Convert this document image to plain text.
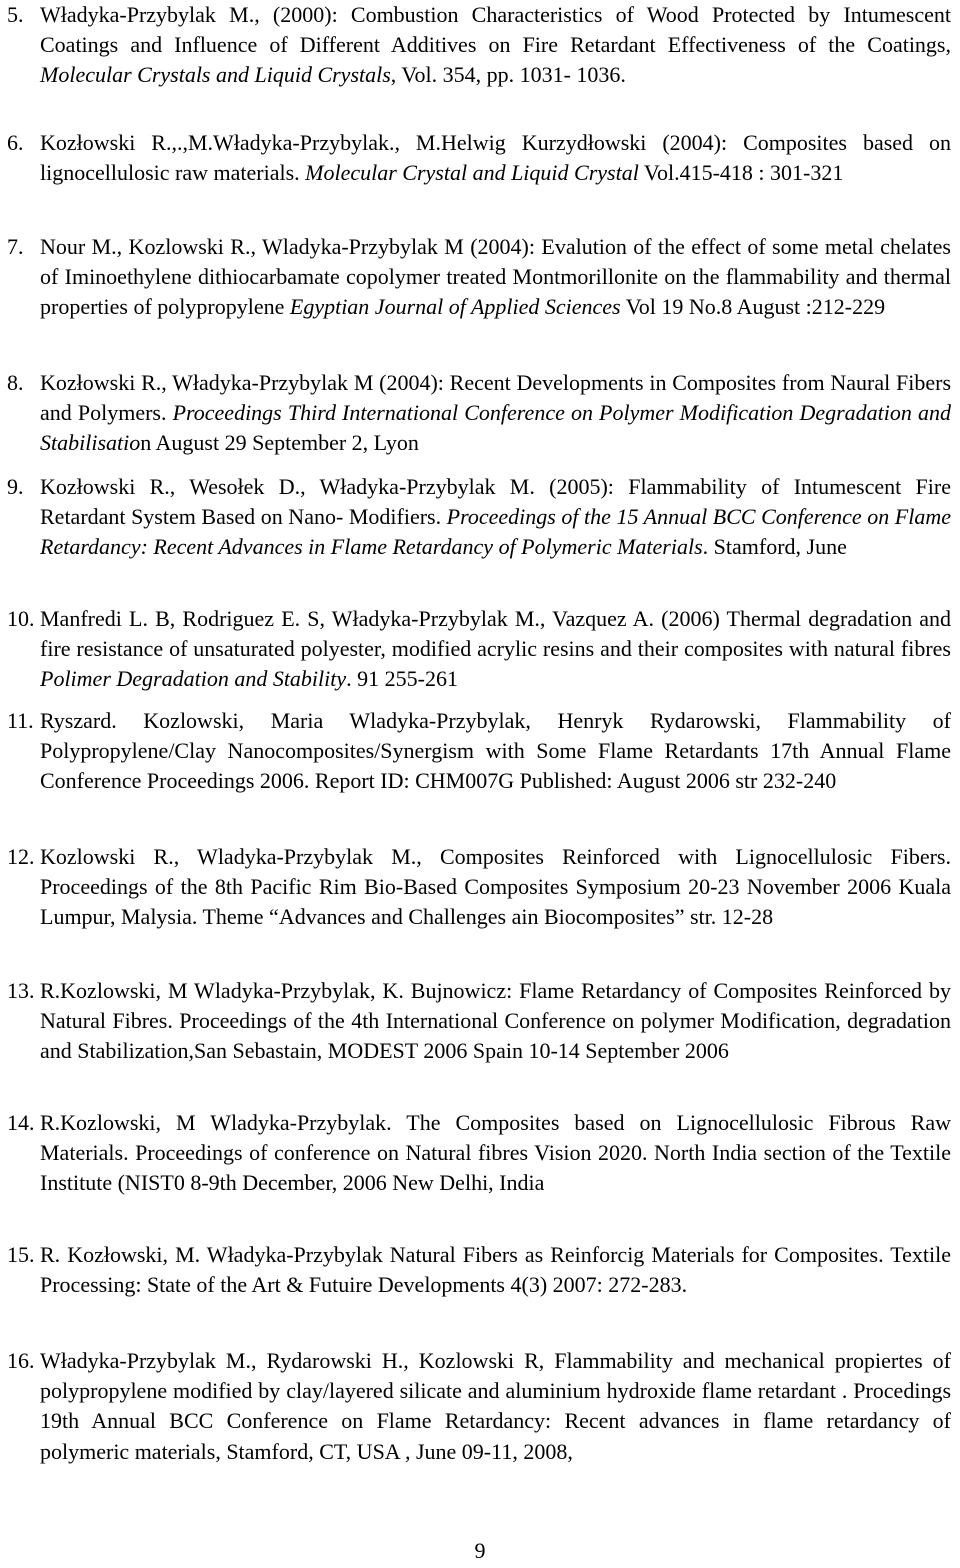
5. Władyka-Przybylak M., (2000): Combustion Characteristics of Wood Protected by Intumescent Coatings and Influence of Different Additives on Fire Retardant Effectiveness of the Coatings, Molecular Crystals and Liquid Crystals, Vol. 354, pp. 1031- 1036.
6. Kozłowski R.,.,M.Władyka-Przybylak., M.Helwig Kurzydłowski (2004): Composites based on lignocellulosic raw materials. Molecular Crystal and Liquid Crystal Vol.415-418 : 301-321
7. Nour M., Kozlowski R., Wladyka-Przybylak M (2004): Evalution of the effect of some metal chelates of Iminoethylene dithiocarbamate copolymer treated Montmorillonite on the flammability and thermal properties of polypropylene Egyptian Journal of Applied Sciences Vol 19 No.8 August :212-229
8. Kozłowski R., Władyka-Przybylak M (2004): Recent Developments in Composites from Naural Fibers and Polymers. Proceedings Third International Conference on Polymer Modification Degradation and Stabilisation August 29 September 2, Lyon
9. Kozłowski R., Wesołek D., Władyka-Przybylak M. (2005): Flammability of Intumescent Fire Retardant System Based on Nano- Modifiers. Proceedings of the 15 Annual BCC Conference on Flame Retardancy: Recent Advances in Flame Retardancy of Polymeric Materials. Stamford, June
10. Manfredi L. B, Rodriguez E. S, Władyka-Przybylak M., Vazquez A. (2006) Thermal degradation and fire resistance of unsaturated polyester, modified acrylic resins and their composites with natural fibres Polimer Degradation and Stability. 91 255-261
11. Ryszard. Kozlowski, Maria Wladyka-Przybylak, Henryk Rydarowski, Flammability of Polypropylene/Clay Nanocomposites/Synergism with Some Flame Retardants 17th Annual Flame Conference Proceedings 2006. Report ID: CHM007G Published: August 2006 str 232-240
12. Kozlowski R., Wladyka-Przybylak M., Composites Reinforced with Lignocellulosic Fibers. Proceedings of the 8th Pacific Rim Bio-Based Composites Symposium 20-23 November 2006 Kuala Lumpur, Malysia. Theme “Advances and Challenges ain Biocomposites” str. 12-28
13. R.Kozlowski, M Wladyka-Przybylak, K. Bujnowicz: Flame Retardancy of Composites Reinforced by Natural Fibres. Proceedings of the 4th International Conference on polymer Modification, degradation and Stabilization,San Sebastain, MODEST 2006 Spain 10-14 September 2006
14. R.Kozlowski, M Wladyka-Przybylak. The Composites based on Lignocellulosic Fibrous Raw Materials. Proceedings of conference on Natural fibres Vision 2020. North India section of the Textile Institute (NIST0 8-9th December, 2006 New Delhi, India
15. R. Kozłowski, M. Władyka-Przybylak Natural Fibers as Reinforcig Materials for Composites. Textile Processing: State of the Art & Futuire Developments 4(3) 2007: 272-283.
16. Władyka-Przybylak M., Rydarowski H., Kozlowski R, Flammability and mechanical propiertes of polypropylene modified by clay/layered silicate and aluminium hydroxide flame retardant . Procedings 19th Annual BCC Conference on Flame Retardancy: Recent advances in flame retardancy of polymeric materials, Stamford, CT, USA , June 09-11, 2008,
9
